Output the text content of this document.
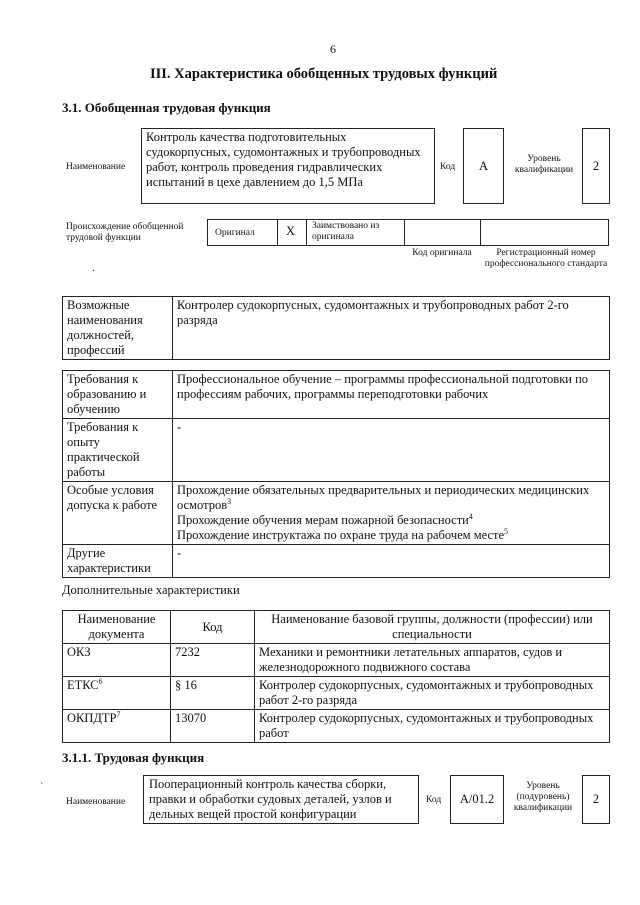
6
III. Характеристика обобщенных трудовых функций
3.1. Обобщенная трудовая функция
Наименование
Контроль качества подготовительных судокорпусных, судомонтажных и трубопроводных работ, контроль проведения гидравлических испытаний в цехе давлением до 1,5 МПа
Код	A	Уровень квалификации	2
Происхождение обобщенной трудовой функции	Оригинал X Заимствовано из оригинала
Код оригинала	Регистрационный номер профессионального стандарта
·
Возможные наименования должностей, профессий	Контролер судокорпусных, судомонтажных и трубопроводных работ 2-го разряда
Требования к образованию и обучению	Профессиональное обучение – программы профессиональной подготовки по профессиям рабочих, программы переподготовки рабочих
Требования к опыту практической работы	-
Особые условия допуска к работе	Прохождение обязательных предварительных и периодических медицинских осмотров$^3$
Прохождение обучения мерам пожарной безопасности$^4$
Прохождение инструктажа по охране труда на рабочем месте$^5$

Другие характеристики	-
Дополнительные характеристики
Наименование документа	Код	Наименование базовой группы, должности (профессии) или специальности
ОКЗ	7232	Механики и ремонтники летательных аппаратов, судов и железнодорожного подвижного состава
ЕТКС$^6$	§ 16	Контролер судокорпусных, судомонтажных и трубопроводных работ 2-го разряда
ОКПДТР$^7$	13070	Контролер судокорпусных, судомонтажных и трубопроводных работ
3.1.1. Трудовая функция
`
Наименование
Пооперационный контроль качества сборки, правки и обработки судовых деталей, узлов и дельных вещей простой конфигурации
Код	A/01.2
Уровень (подуровень) квалификации
2
